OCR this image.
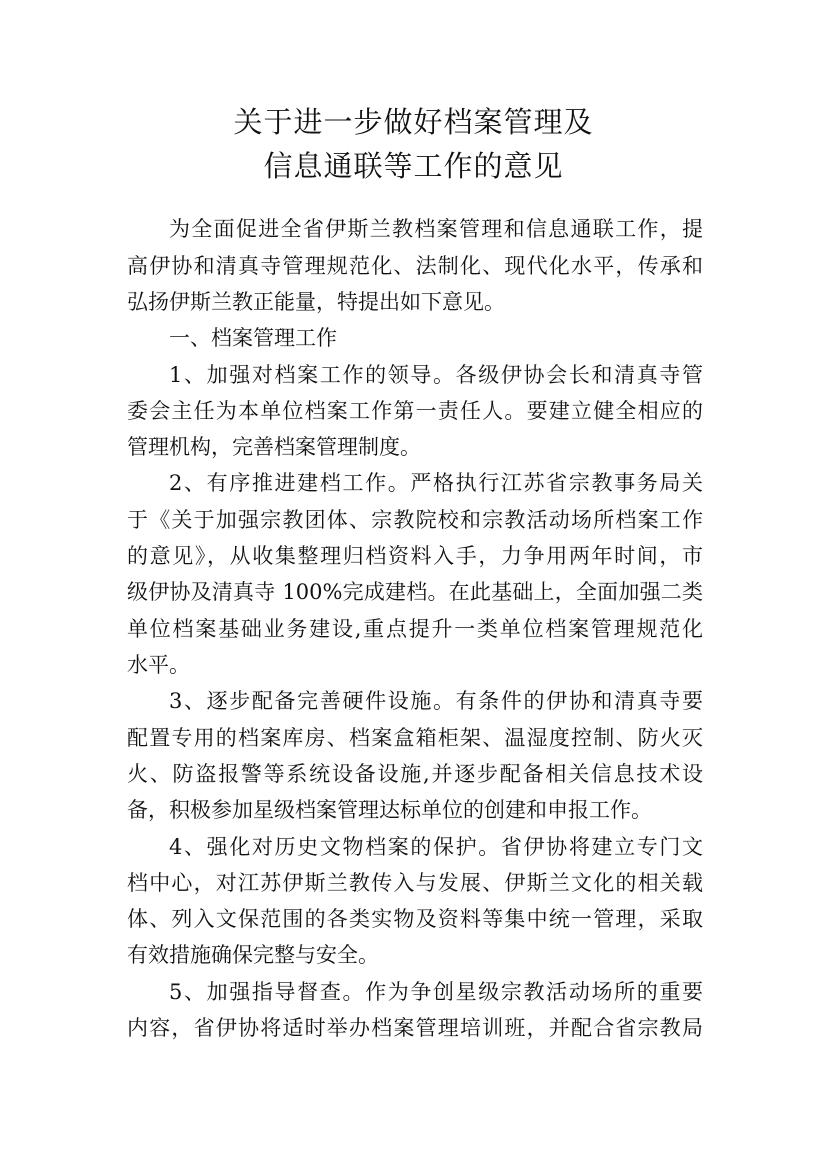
关于进一步做好档案管理及
信息通联等工作的意见
为全面促进全省伊斯兰教档案管理和信息通联工作，提
高伊协和清真寺管理规范化、法制化、现代化水平，传承和
弘扬伊斯兰教正能量，特提出如下意见。
一、档案管理工作
1、加强对档案工作的领导。各级伊协会长和清真寺管
委会主任为本单位档案工作第一责任人。要建立健全相应的
管理机构，完善档案管理制度。
2、有序推进建档工作。严格执行江苏省宗教事务局关
于《关于加强宗教团体、宗教院校和宗教活动场所档案工作
的意见》，从收集整理归档资料入手，力争用两年时间，市
级伊协及清真寺 100%完成建档。在此基础上，全面加强二类
单位档案基础业务建设,重点提升一类单位档案管理规范化
水平。
3、逐步配备完善硬件设施。有条件的伊协和清真寺要
配置专用的档案库房、档案盒箱柜架、温湿度控制、防火灭
火、防盗报警等系统设备设施,并逐步配备相关信息技术设
备，积极参加星级档案管理达标单位的创建和申报工作。
4、强化对历史文物档案的保护。省伊协将建立专门文
档中心，对江苏伊斯兰教传入与发展、伊斯兰文化的相关载
体、列入文保范围的各类实物及资料等集中统一管理，采取
有效措施确保完整与安全。
5、加强指导督查。作为争创星级宗教活动场所的重要
内容，省伊协将适时举办档案管理培训班，并配合省宗教局
